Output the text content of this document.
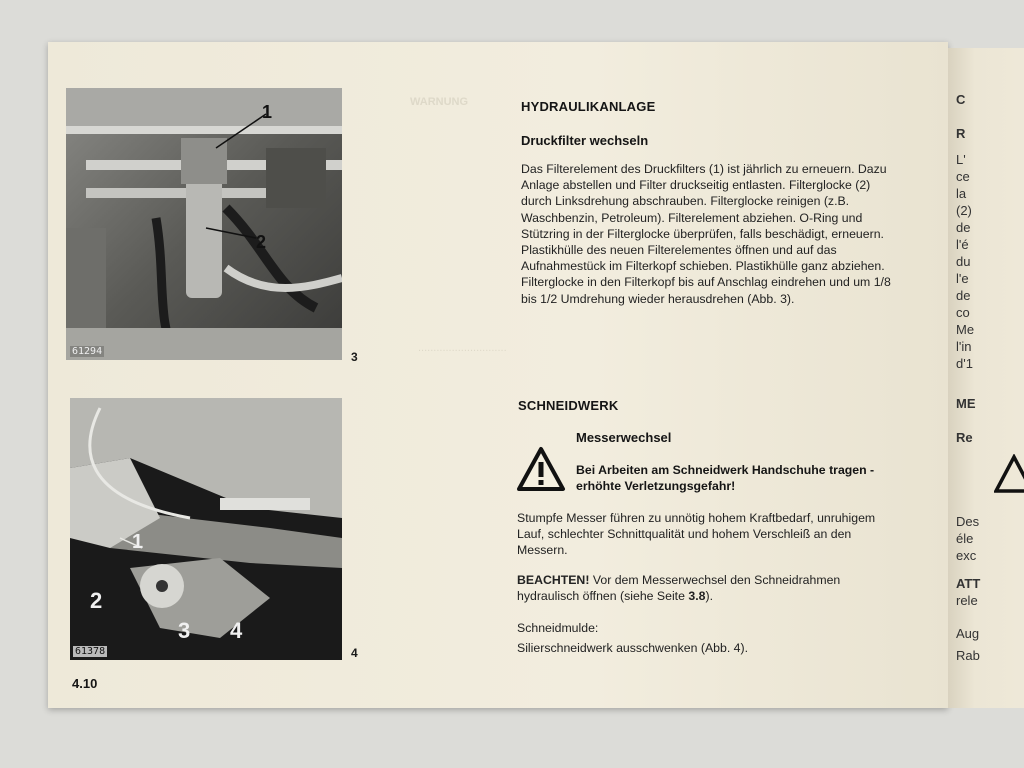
1
2
61294	3
1
2
3 4
61378	4
WARNUNG
.............................
HYDRAULIKANLAGE
Druckfilter wechseln

Das Filterelement des Druckfilters (1) ist jährlich zu erneuern. Dazu Anlage abstellen und Filter druckseitig entlasten. Filterglocke (2) durch Linksdrehung abschrauben. Filterglocke reinigen (z.B. Waschbenzin, Petroleum). Filterelement abziehen. O-Ring und Stützring in der Filterglocke überprüfen, falls beschädigt, erneuern. Plastikhülle des neuen Filterelementes öffnen und auf das Aufnahmestück im Filterkopf schieben. Plastikhülle ganz abziehen.

Filterglocke in den Filterkopf bis auf Anschlag eindrehen und um 1/8 bis 1/2 Umdrehung wieder herausdrehen (Abb. 3).

SCHNEIDWERK
Messerwechsel
Bei Arbeiten am Schneidwerk Handschuhe tragen - erhöhte Verletzungsgefahr!
Stumpfe Messer führen zu unnötig hohem Kraftbedarf, unruhigem Lauf, schlechter Schnittqualität und hohem Verschleiß an den Messern.
BEACHTEN! Vor dem Messerwechsel den Schneidrahmen hydraulisch öffnen (siehe Seite 3.8).
Schneidmulde:
Silierschneidwerk ausschwenken (Abb. 4).
4.10
C
R
L'
ce
la
(2)
de
l'é
du
l'e
de
co
Me
l'in
d'1
ME
Re
Des
éle
exc
ATT
rele
Aug
Rab
